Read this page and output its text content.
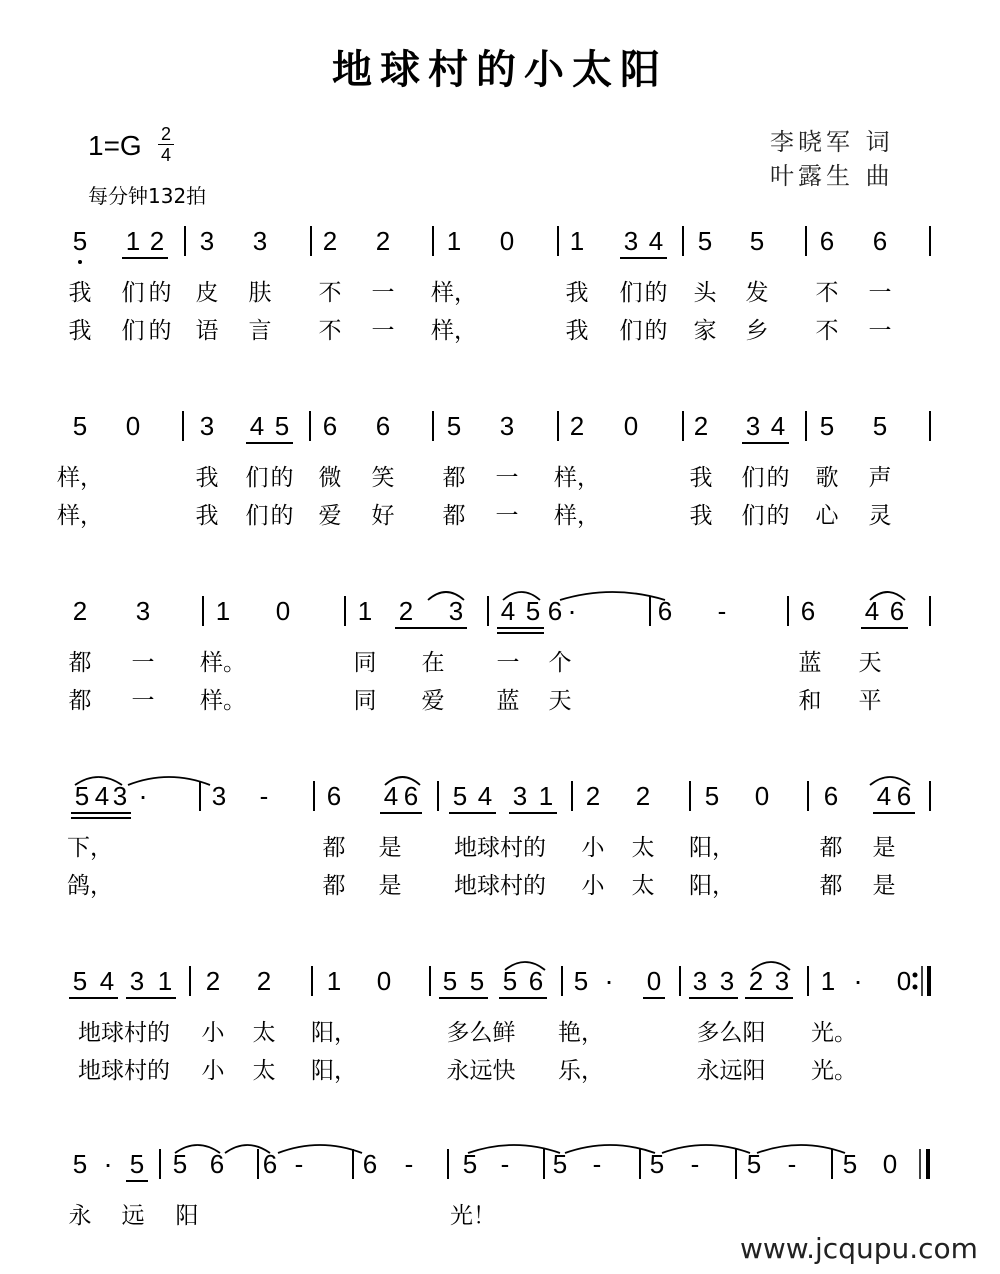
地球村的小太阳
1=G 2
4
每分钟132拍
李晓军 词
叶露生 曲
5 1 2 3 3 2 2 1 0 1 3 4 5 5 6 6
我 们 的 皮 肤 不 一 样，	我 们 的 头 发 不 一
我 们 的 语 言 不 一 样，	我 们 的 家 乡 不 一
5 0 3 4 5 6 6 5 3 2 0 2 3 4 5 5
样，	我 们 的 微 笑 都 一 样，	我 们 的 歌 声
样，	我 们 的 爱 好 都 一 样，	我 们 的 心 灵
2 3	1 0	1 2 3 4 5 6 ·	6 -	6 4 6
都 一 样。	同 在 一 个	蓝 天
都 一 样。	同 爱 蓝 天	和 平
5 4 3 · 3 - 6 4 6 5 4 3 1 2 2 5 0 6 4 6
下，	都 是 地球村的 小 太 阳，	都 是
鸽，	都 是 地球村的 小 太 阳，	都 是
5 4 3 1 2 2 1 0 5 5 5 6 5 · 0 3 3 2 3 1 · 0
地球村的 小 太 阳，	多么鲜 艳，	多么阳 光。
地球村的 小 太 阳，	永远快 乐，	永远阳 光。
5 · 5 5 6 6 - 6 - 5 - 5 - 5 - 5 - 5 0
永 远 阳	光！
www.jcqupu.com
